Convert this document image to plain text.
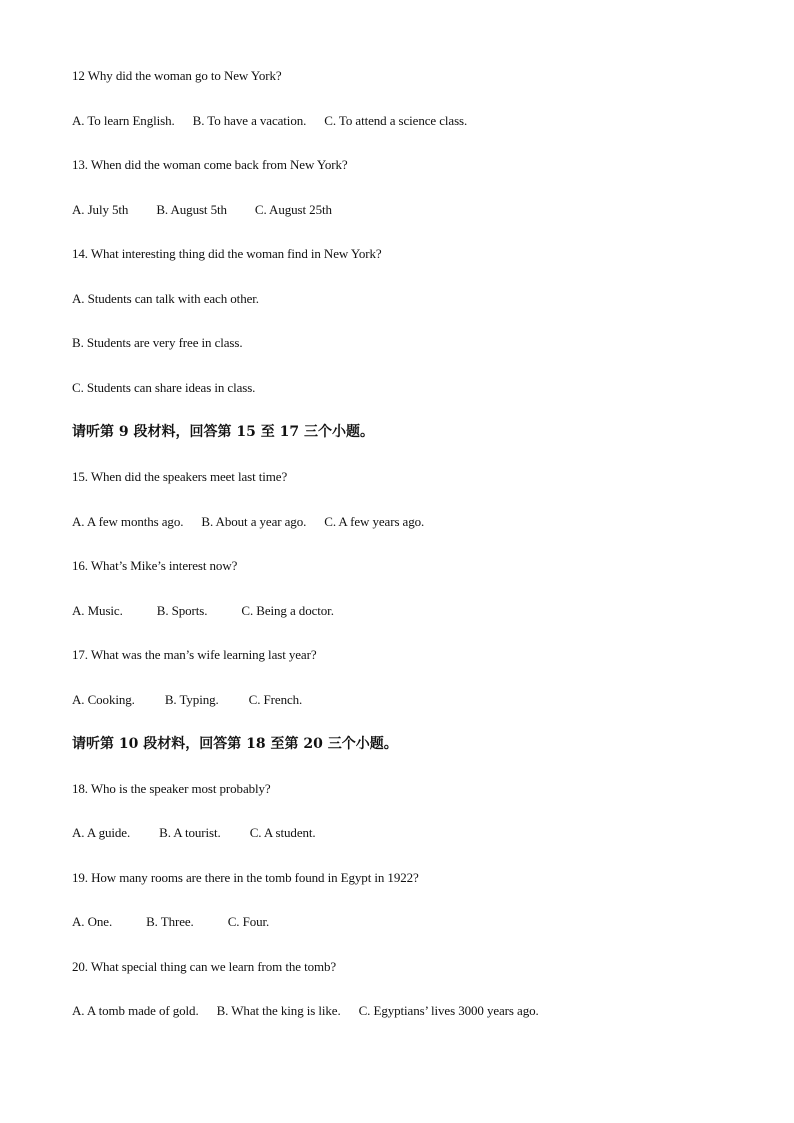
12 Why did the woman go to New York?
A. To learn English. B. To have a vacation. C. To attend a science class.
13. When did the woman come back from New York?
A. July 5th B. August 5th C. August 25th
14. What interesting thing did the woman find in New York?
A. Students can talk with each other.
B. Students are very free in class.
C. Students can share ideas in class.
请听第 9 段材料，回答第 15 至 17 三个小题。
15. When did the speakers meet last time?
A. A few months ago. B. About a year ago. C. A few years ago.
16. What’s Mike’s interest now?
A. Music.	B. Sports.	C. Being a doctor.
17. What was the man’s wife learning last year?
A. Cooking. B. Typing. C. French.
请听第 10 段材料，回答第 18 至第 20 三个小题。
18. Who is the speaker most probably?
A. A guide. B. A tourist. C. A student.
19. How many rooms are there in the tomb found in Egypt in 1922?
A. One.	B. Three.	C. Four.
20. What special thing can we learn from the tomb?
A. A tomb made of gold. B. What the king is like. C. Egyptians’ lives 3000 years ago.
